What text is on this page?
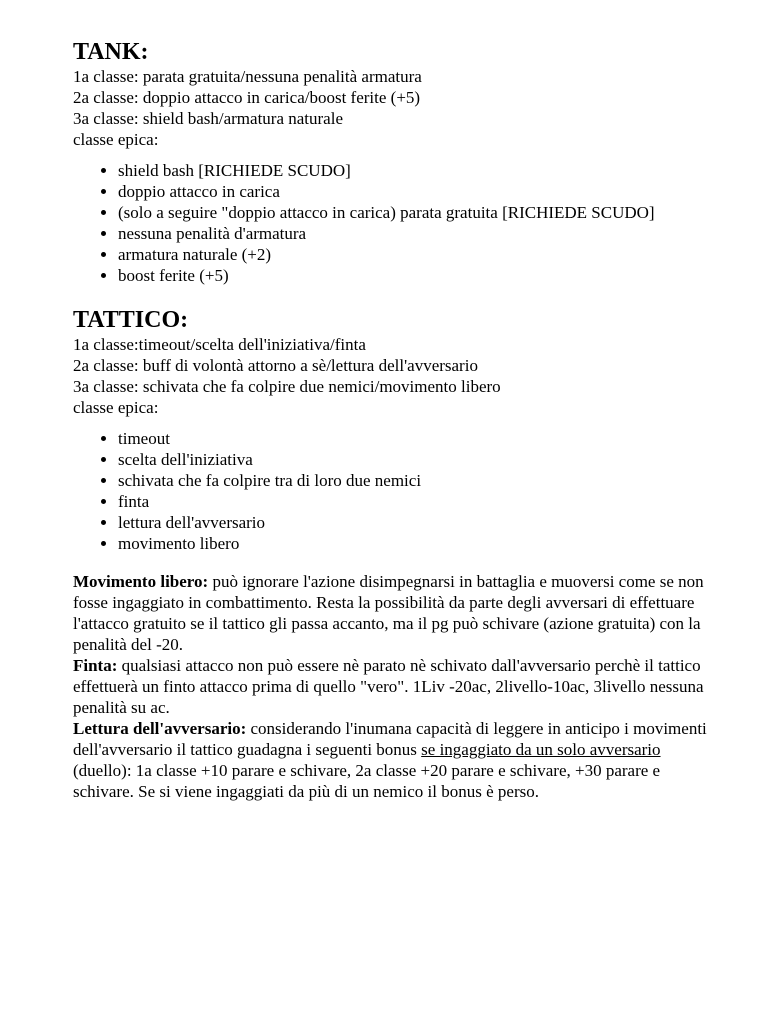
TANK:

1a classe: parata gratuita/nessuna penalità armatura

2a classe: doppio attacco in carica/boost ferite (+5)

3a classe: shield bash/armatura naturale

classe epica:

• shield bash [RICHIEDE SCUDO]
• doppio attacco in carica
• (solo a seguire "doppio attacco in carica) parata gratuita [RICHIEDE SCUDO]
• nessuna penalità d'armatura
• armatura naturale (+2)
• boost ferite (+5)
TATTICO:

1a classe:timeout/scelta dell'iniziativa/finta

2a classe: buff di volontà attorno a sè/lettura dell'avversario

3a classe: schivata che fa colpire due nemici/movimento libero

classe epica:

• timeout
• scelta dell'iniziativa
• schivata che fa colpire tra di loro due nemici
• finta
• lettura dell'avversario
• movimento libero

Movimento libero: può ignorare l'azione disimpegnarsi in battaglia e muoversi come se non fosse ingaggiato in combattimento. Resta la possibilità da parte degli avversari di effettuare l'attacco gratuito se il tattico gli passa accanto, ma il pg può schivare (azione gratuita) con la penalità del -20.

Finta: qualsiasi attacco non può essere nè parato nè schivato dall'avversario perchè il tattico effettuerà un finto attacco prima di quello "vero". 1Liv -20ac, 2livello-10ac, 3livello nessuna penalità su ac.

Lettura dell'avversario: considerando l'inumana capacità di leggere in anticipo i movimenti dell'avversario il tattico guadagna i seguenti bonus se ingaggiato da un solo avversario (duello): 1a classe +10 parare e schivare, 2a classe +20 parare e schivare, +30 parare e schivare. Se si viene ingaggiati da più di un nemico il bonus è perso.
